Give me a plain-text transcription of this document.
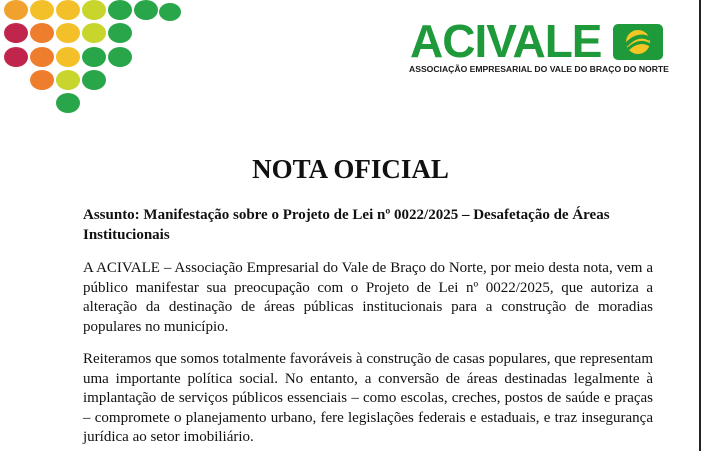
ACIVALE
ASSOCIAÇÃO EMPRESARIAL DO VALE DO BRAÇO DO NORTE
NOTA OFICIAL
Assunto: Manifestação sobre o Projeto de Lei nº 0022/2025 – Desafetação de Áreas Institucionais
A ACIVALE – Associação Empresarial do Vale de Braço do Norte, por meio desta nota, vem a público manifestar sua preocupação com o Projeto de Lei nº 0022/2025, que autoriza a alteração da destinação de áreas públicas institucionais para a construção de moradias populares no município.
Reiteramos que somos totalmente favoráveis à construção de casas populares, que representam uma importante política social. No entanto, a conversão de áreas destinadas legalmente à implantação de serviços públicos essenciais – como escolas, creches, postos de saúde e praças – compromete o planejamento urbano, fere legislações federais e estaduais, e traz insegurança jurídica ao setor imobiliário.
